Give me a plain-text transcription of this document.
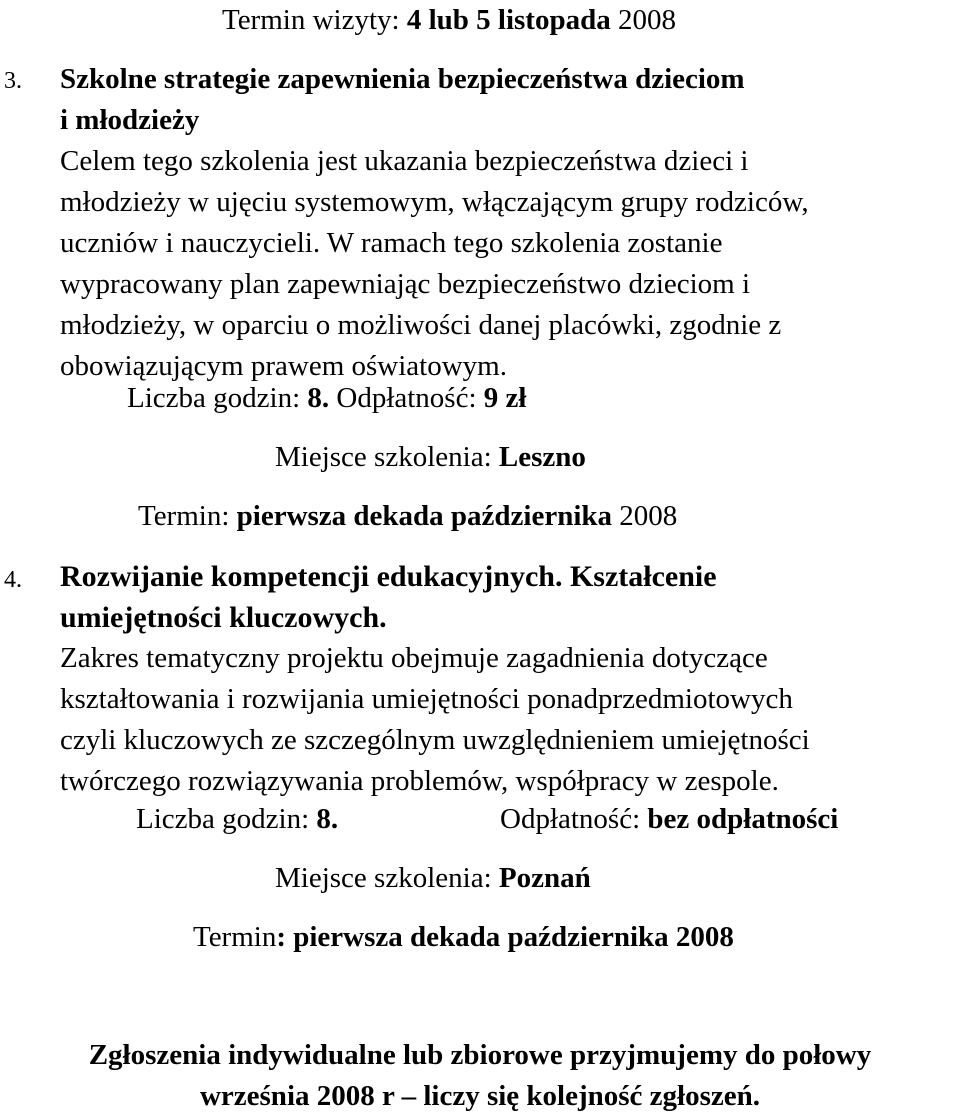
Termin wizyty: 4 lub 5 listopada 2008
3. Szkolne strategie zapewnienia bezpieczeństwa dzieciom
i młodzieży
Celem tego szkolenia jest ukazania bezpieczeństwa dzieci i
młodzieży w ujęciu systemowym, włączającym grupy rodziców,
uczniów i nauczycieli. W ramach tego szkolenia zostanie
wypracowany plan zapewniając bezpieczeństwo dzieciom i
młodzieży, w oparciu o możliwości danej placówki, zgodnie z
obowiązującym prawem oświatowym.
Liczba godzin: 8. Odpłatność: 9 zł
Miejsce szkolenia: Leszno
Termin: pierwsza dekada października 2008
4. Rozwijanie kompetencji edukacyjnych. Kształcenie
umiejętności kluczowych.
Zakres tematyczny projektu obejmuje zagadnienia dotyczące
kształtowania i rozwijania umiejętności ponadprzedmiotowych
czyli kluczowych ze szczególnym uwzględnieniem umiejętności
twórczego rozwiązywania problemów, współpracy w zespole.
Liczba godzin: 8.	Odpłatność: bez odpłatności
Miejsce szkolenia: Poznań
Termin: pierwsza dekada października 2008
Zgłoszenia indywidualne lub zbiorowe przyjmujemy do połowy
września 2008 r – liczy się kolejność zgłoszeń.
